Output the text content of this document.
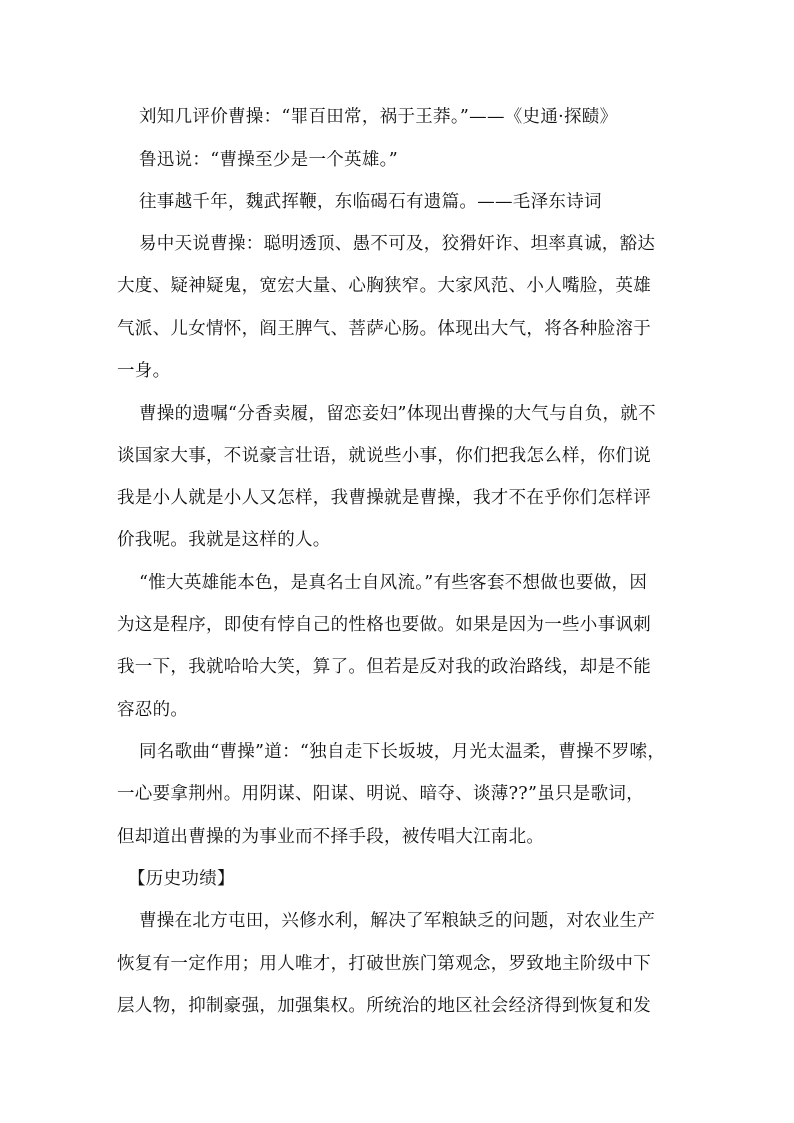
刘知几评价曹操：“罪百田常，祸于王莽。”——《史通·探赜》
鲁迅说：“曹操至少是一个英雄。”
往事越千年，魏武挥鞭，东临碣石有遗篇。——毛泽东诗词
易中天说曹操：聪明透顶、愚不可及，狡猾奸诈、坦率真诚，豁达
大度、疑神疑鬼，宽宏大量、心胸狭窄。大家风范、小人嘴脸，英雄
气派、儿女情怀，阎王脾气、菩萨心肠。体现出大气，将各种脸溶于
一身。
曹操的遗嘱“分香卖履，留恋妾妇”体现出曹操的大气与自负，就不
谈国家大事，不说豪言壮语，就说些小事，你们把我怎么样，你们说
我是小人就是小人又怎样，我曹操就是曹操，我才不在乎你们怎样评
价我呢。我就是这样的人。
“惟大英雄能本色，是真名士自风流。”有些客套不想做也要做，因
为这是程序，即使有悖自己的性格也要做。如果是因为一些小事讽刺
我一下，我就哈哈大笑，算了。但若是反对我的政治路线，却是不能
容忍的。
同名歌曲“曹操”道：“独自走下长坂坡，月光太温柔，曹操不罗嗦，
一心要拿荆州。用阴谋、阳谋、明说、暗夺、谈薄??”虽只是歌词，
但却道出曹操的为事业而不择手段，被传唱大江南北。
【历史功绩】
曹操在北方屯田，兴修水利，解决了军粮缺乏的问题，对农业生产
恢复有一定作用；用人唯才，打破世族门第观念，罗致地主阶级中下
层人物，抑制豪强，加强集权。所统治的地区社会经济得到恢复和发
